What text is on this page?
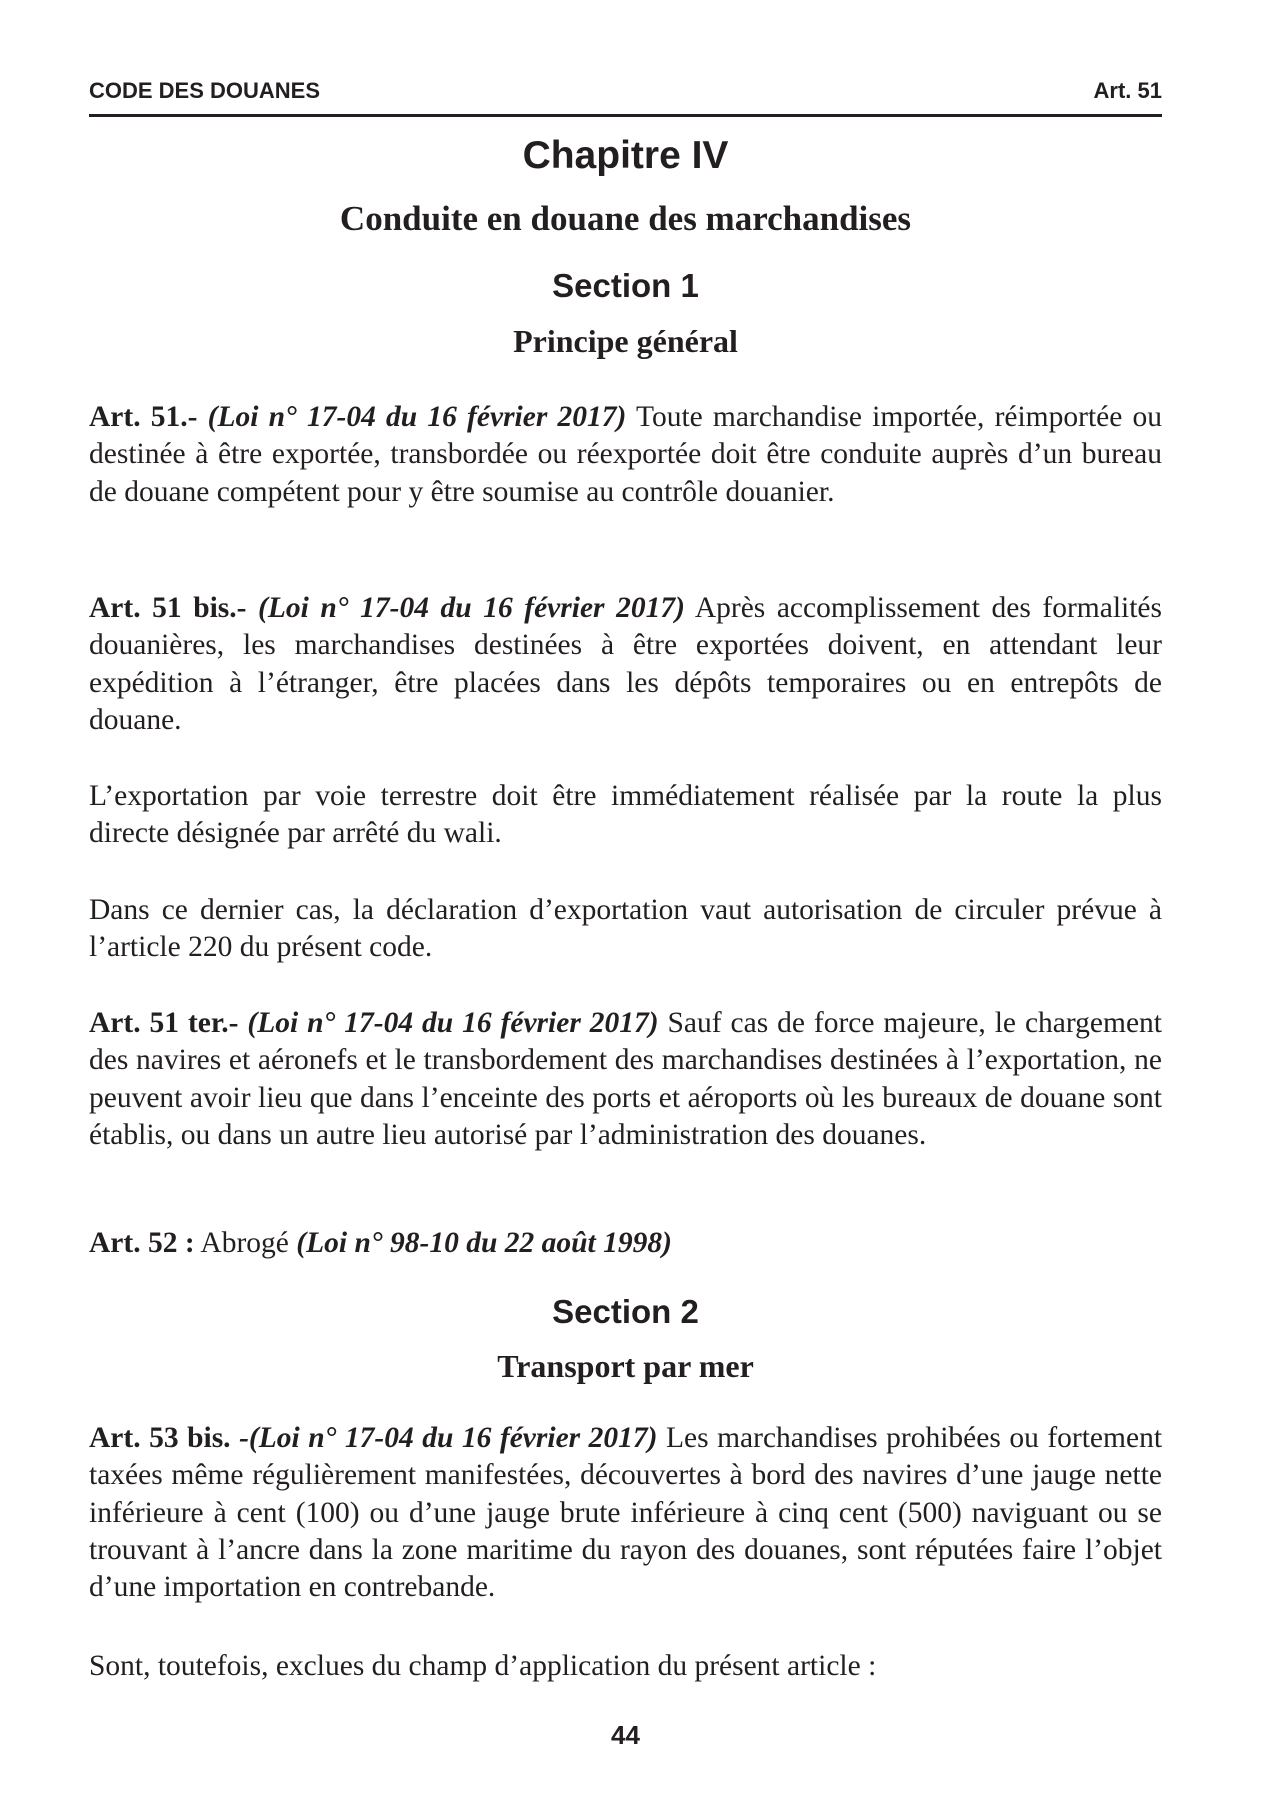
CODE DES DOUANES	Art. 51
Chapitre IV
Conduite en douane des marchandises
Section 1
Principe général

Art. 51.- (Loi n° 17-04 du 16 février 2017) Toute marchandise importée, réimportée ou destinée à être exportée, transbordée ou réexportée doit être conduite auprès d’un bureau de douane compétent pour y être soumise au contrôle douanier.

Art. 51 bis.- (Loi n° 17-04 du 16 février 2017) Après accomplissement des formalités douanières, les marchandises destinées à être exportées doivent, en attendant leur expédition à l’étranger, être placées dans les dépôts temporaires ou en entrepôts de douane.

L’exportation par voie terrestre doit être immédiatement réalisée par la route la plus directe désignée par arrêté du wali.

Dans ce dernier cas, la déclaration d’exportation vaut autorisation de circuler prévue à l’article 220 du présent code.

Art. 51 ter.- (Loi n° 17-04 du 16 février 2017) Sauf cas de force majeure, le chargement des navires et aéronefs et le transbordement des marchandises destinées à l’exportation, ne peuvent avoir lieu que dans l’enceinte des ports et aéroports où les bureaux de douane sont établis, ou dans un autre lieu autorisé par l’administration des douanes.

Art. 52 : Abrogé (Loi n° 98-10 du 22 août 1998)

Section 2
Transport par mer

Art. 53 bis. -(Loi n° 17-04 du 16 février 2017) Les marchandises prohibées ou fortement taxées même régulièrement manifestées, découvertes à bord des navires d’une jauge nette inférieure à cent (100) ou d’une jauge brute inférieure à cinq cent (500) naviguant ou se trouvant à l’ancre dans la zone maritime du rayon des douanes, sont réputées faire l’objet d’une importation en contrebande.

Sont, toutefois, exclues du champ d’application du présent article :

44
